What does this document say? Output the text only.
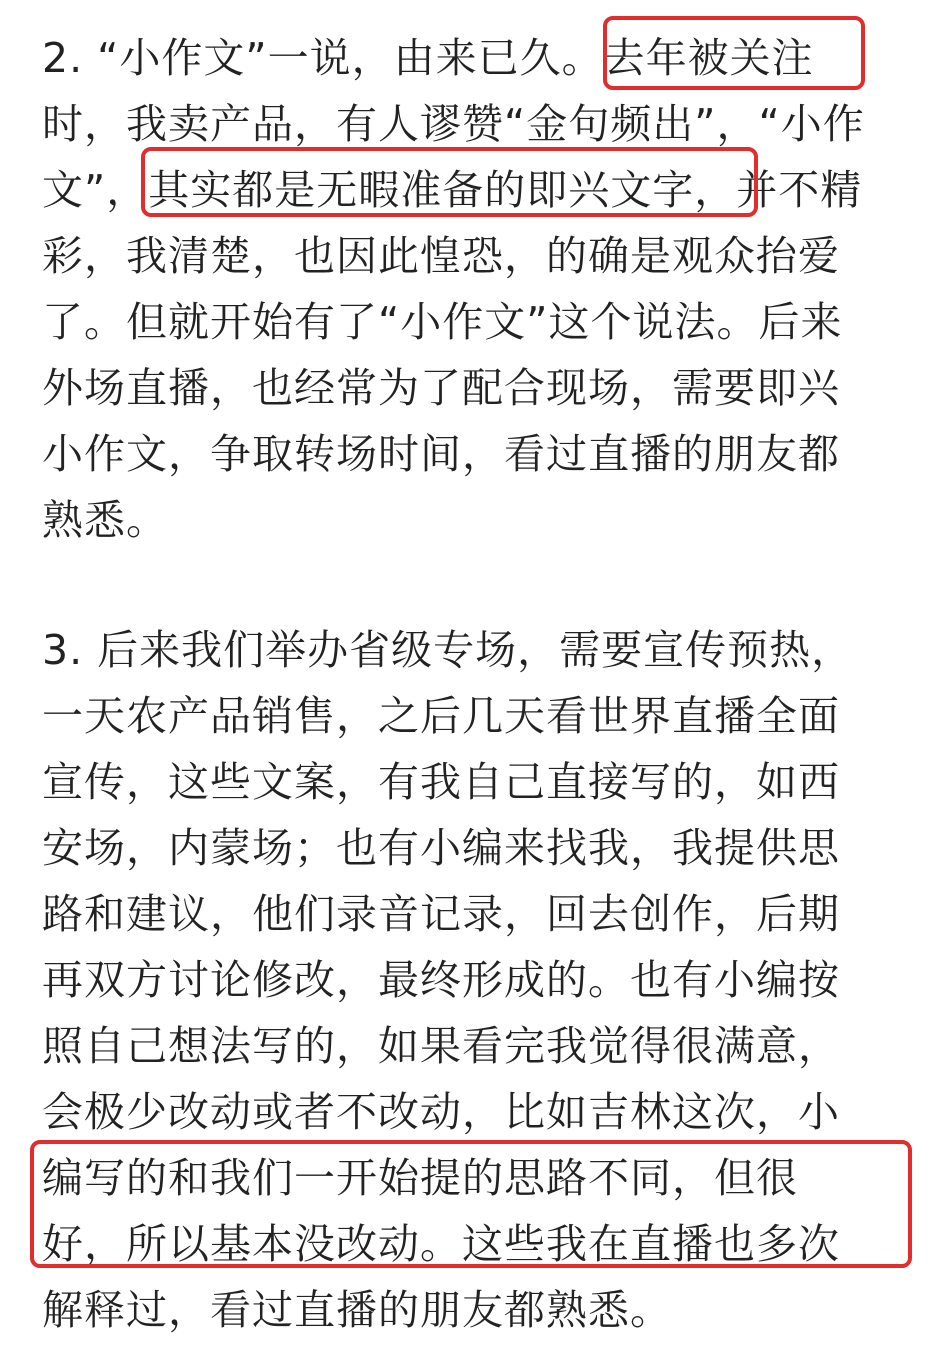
2. “小作文”一说，由来已久。去年被关注
时，我卖产品，有人谬赞“金句频出”，“小作
文”，其实都是无暇准备的即兴文字，并不精
彩，我清楚，也因此惶恐，的确是观众抬爱
了。但就开始有了“小作文”这个说法。后来
外场直播，也经常为了配合现场，需要即兴
小作文，争取转场时间，看过直播的朋友都
熟悉。
3. 后来我们举办省级专场，需要宣传预热，
一天农产品销售，之后几天看世界直播全面
宣传，这些文案，有我自己直接写的，如西
安场，内蒙场；也有小编来找我，我提供思
路和建议，他们录音记录，回去创作，后期
再双方讨论修改，最终形成的。也有小编按
照自己想法写的，如果看完我觉得很满意，
会极少改动或者不改动，比如吉林这次，小
编写的和我们一开始提的思路不同，但很
好，所以基本没改动。这些我在直播也多次
解释过，看过直播的朋友都熟悉。
